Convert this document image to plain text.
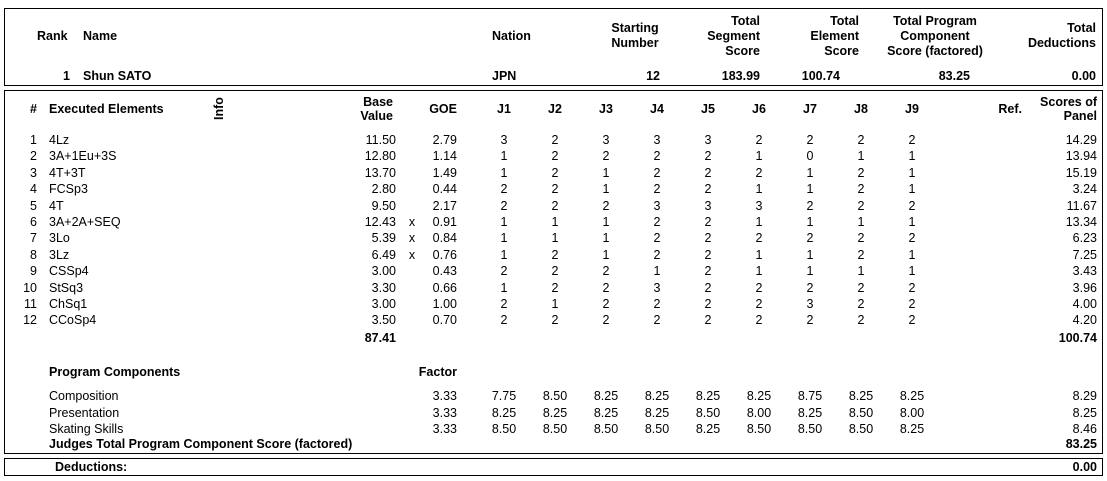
Rank Name	Nation
Starting
Number
Total
Segment
Score
Total
Element
Score
Total Program
Component
Score (factored)
Total
Deductions
1 Shun SATO	JPN	12	183.99	100.74	83.25	0.00
# Executed Elements	Info	Base
Value	GOE	J1	J2	J3	J4	J5	J6	J7	J8	J9	Ref.	Scores of
Panel
1 4Lz	11.50	2.79	3	2	3	3	3	2	2	2	2	14.29
2 3A+1Eu+3S	12.80	1.14	1	2	2	2	2	1	0	1	1	13.94
3 4T+3T	13.70	1.49	1	2	1	2	2	2	1	2	1	15.19
4 FCSp3	2.80	0.44	2	2	1	2	2	1	1	2	1	3.24
5 4T	9.50	2.17	2	2	2	3	3	3	2	2	2	11.67
6 3A+2A+SEQ	12.43	x	0.91	1	1	1	2	2	1	1	1	1	13.34
7 3Lo	5.39	x	0.84	1	1	1	2	2	2	2	2	2	6.23
8 3Lz	6.49	x	0.76	1	2	1	2	2	1	1	2	1	7.25
9 CSSp4	3.00	0.43	2	2	2	1	2	1	1	1	1	3.43
10 StSq3	3.30	0.66	1	2	2	3	2	2	2	2	2	3.96
11 ChSq1	3.00	1.00	2	1	2	2	2	2	3	2	2	4.00
12 CCoSp4	3.50	0.70	2	2	2	2	2	2	2	2	2	4.20
87.41	100.74
Program Components	Factor
Composition	3.33	7.75	8.50	8.25	8.25	8.25	8.25	8.75	8.25	8.25	8.29
Presentation	3.33	8.25	8.25	8.25	8.25	8.50	8.00	8.25	8.50	8.00	8.25
Skating Skills	3.33	8.50	8.50	8.50	8.50	8.25	8.50	8.50	8.50	8.25	8.46
Judges Total Program Component Score (factored)	83.25
Deductions:	0.00
